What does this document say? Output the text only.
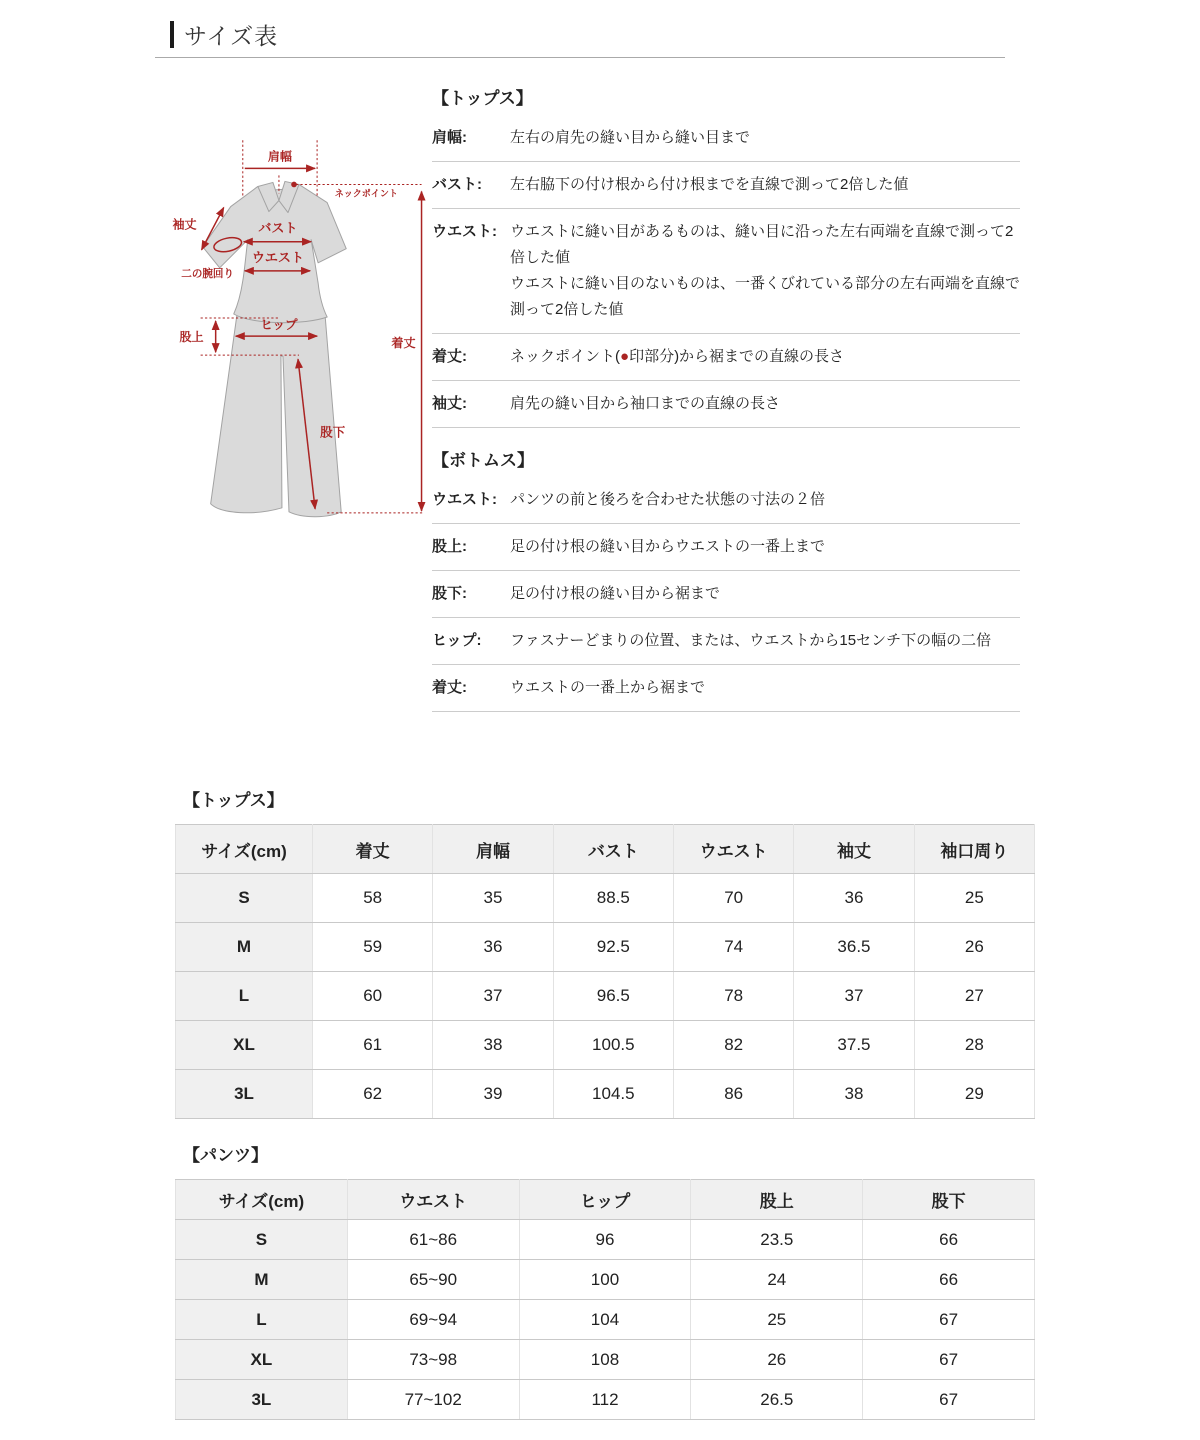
サイズ表
肩幅
ネックポイント
袖丈
二の腕回り
バスト
ウエスト
股上
ヒップ
股下
着丈
【トップス】
肩幅:	左右の肩先の縫い目から縫い目まで
バスト:	左右脇下の付け根から付け根までを直線で測って2倍した値
ウエスト: ウエストに縫い目があるものは、縫い目に沿った左右両端を直線で測って2倍した値
ウエストに縫い目のないものは、一番くびれている部分の左右両端を直線で測って2倍した値
着丈:	ネックポイント(●印部分)から裾までの直線の長さ
袖丈:	肩先の縫い目から袖口までの直線の長さ
【ボトムス】
ウエスト: パンツの前と後ろを合わせた状態の寸法の２倍
股上:	足の付け根の縫い目からウエストの一番上まで
股下:	足の付け根の縫い目から裾まで
ヒップ:	ファスナーどまりの位置、または、ウエストから15センチ下の幅の二倍
着丈:	ウエストの一番上から裾まで
【トップス】
サイズ(cm)	着丈	肩幅	バスト	ウエスト	袖丈	袖口周り
S	58	35	88.5	70	36	25
M	59	36	92.5	74	36.5	26
L	60	37	96.5	78	37	27
XL	61	38	100.5	82	37.5	28
3L	62	39	104.5	86	38	29
【パンツ】
サイズ(cm)	ウエスト	ヒップ	股上	股下
S	61~86	96	23.5	66
M	65~90	100	24	66
L	69~94	104	25	67
XL	73~98	108	26	67
3L	77~102	112	26.5	67
